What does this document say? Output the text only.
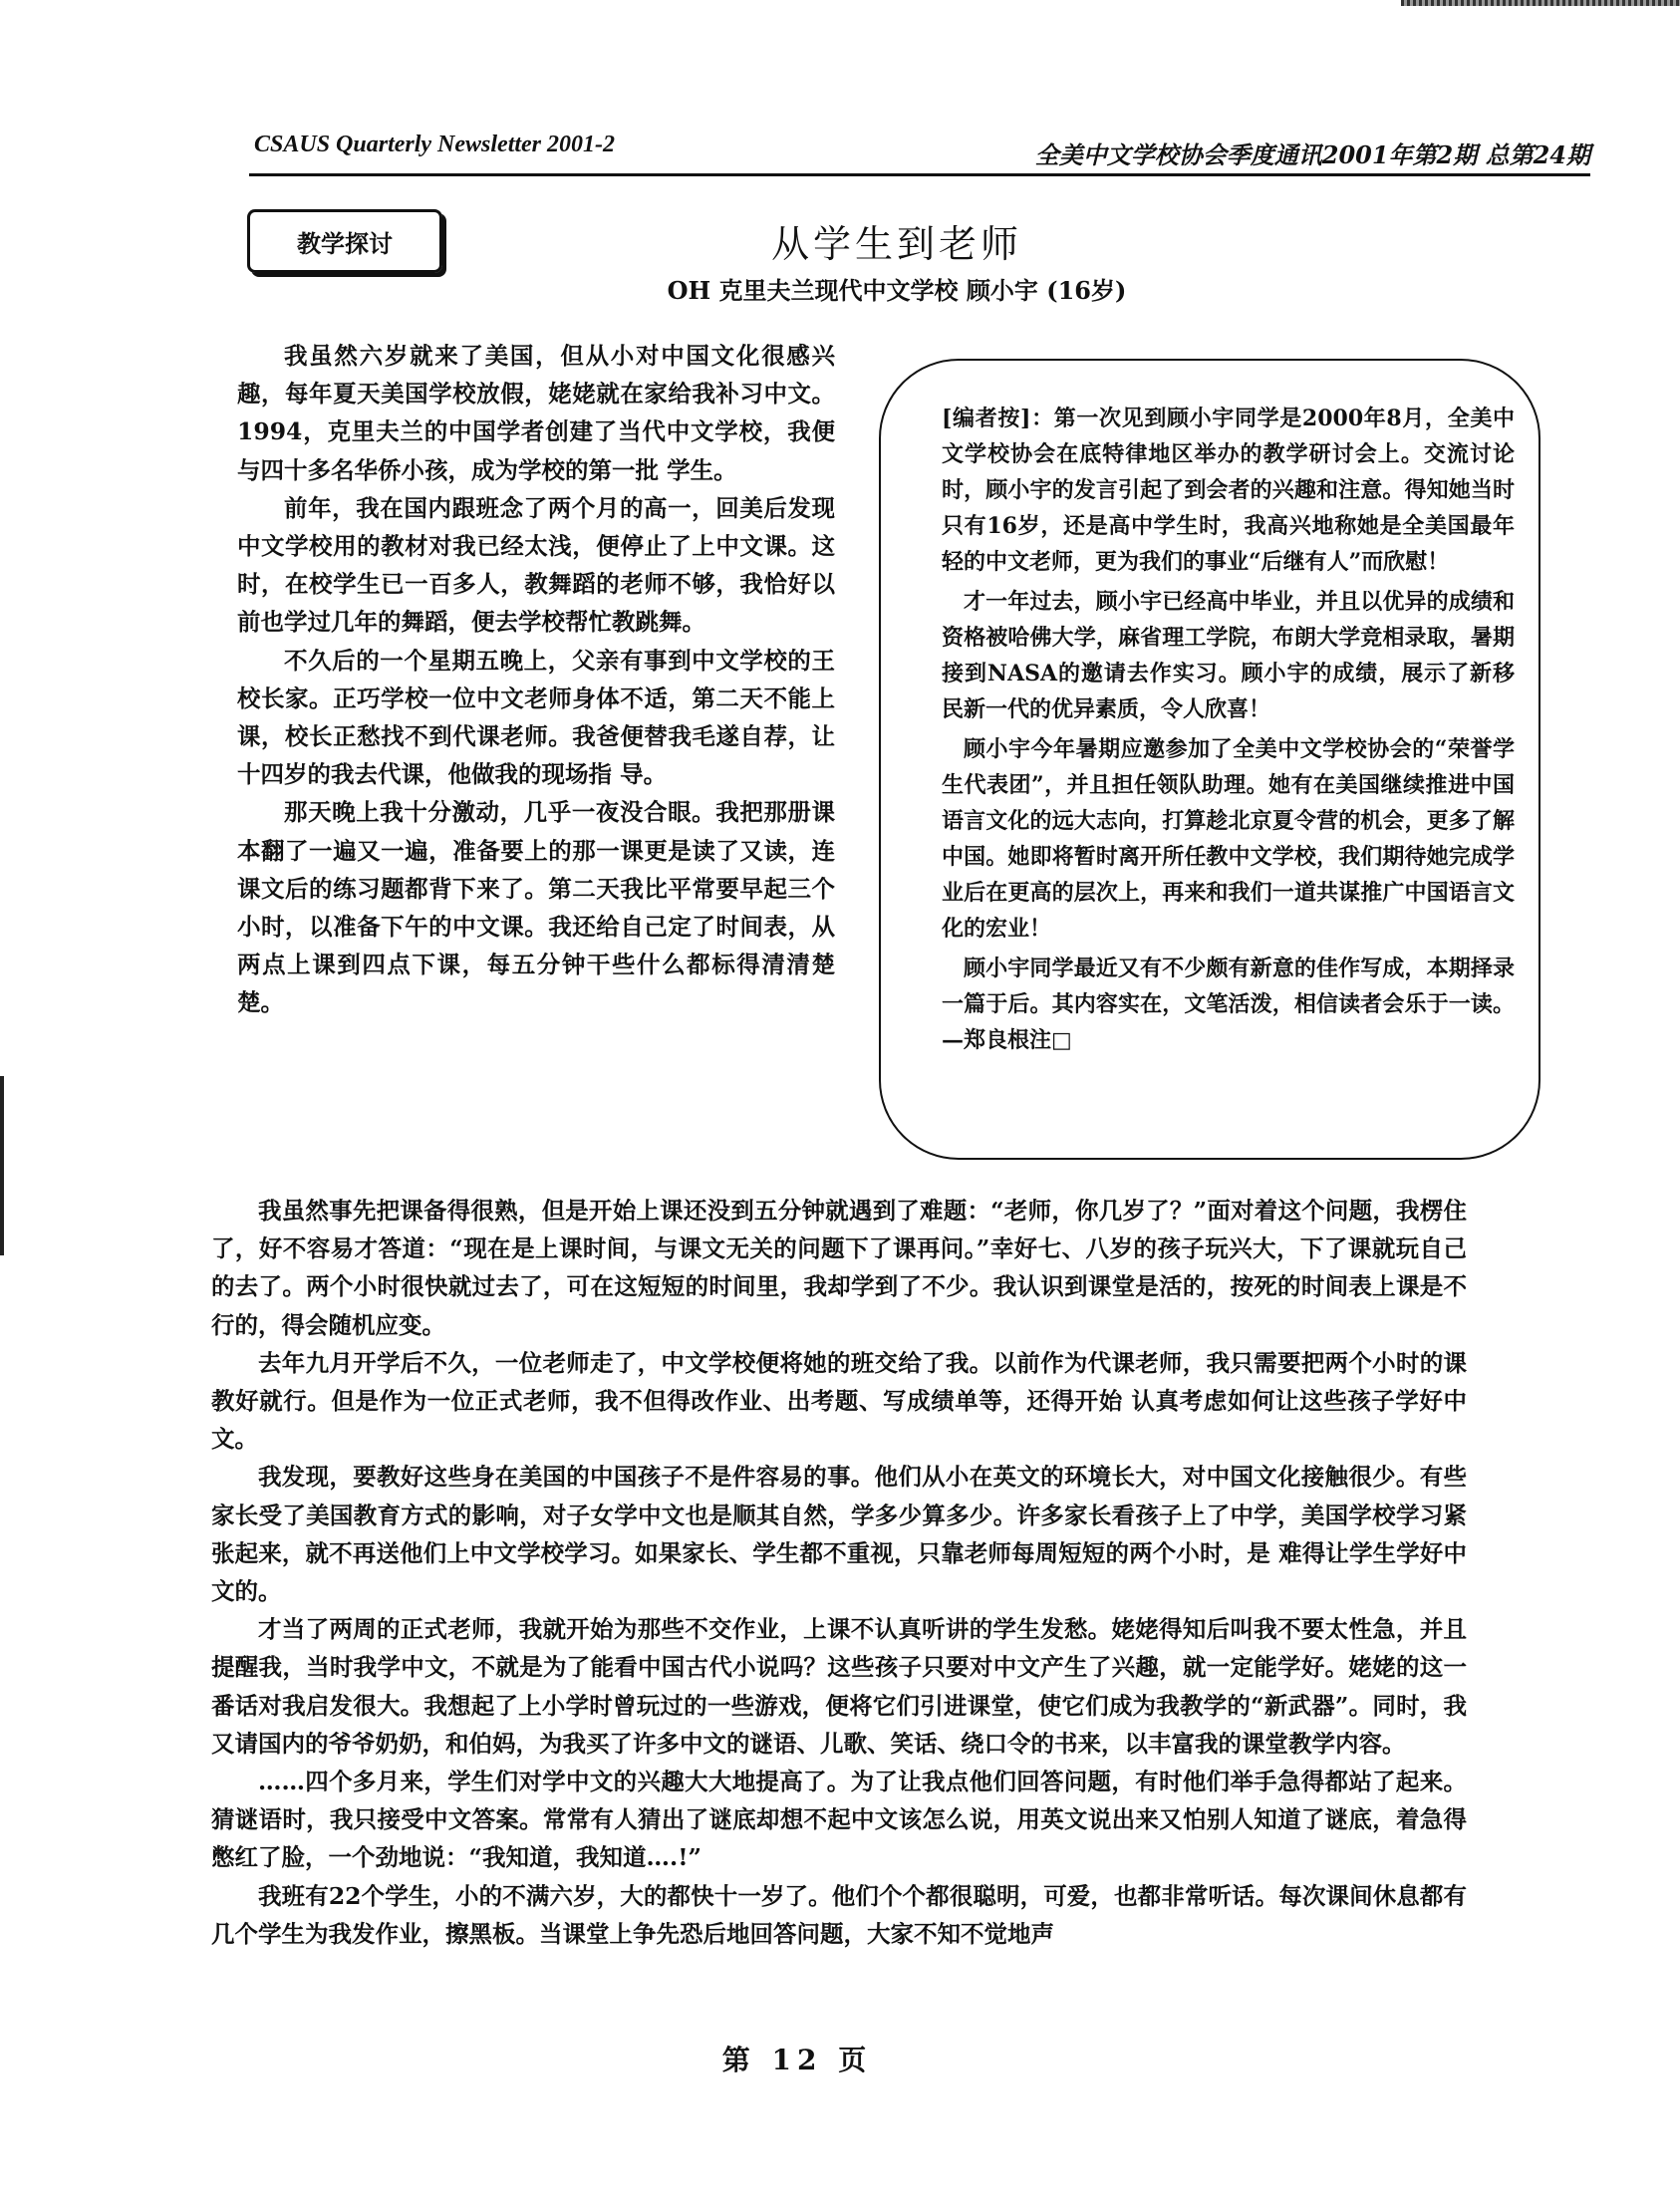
CSAUS Quarterly Newsletter 2001-2	全美中文学校协会季度通讯2001年第2期 总第24期
教学探讨	从学生到老师
OH 克里夫兰现代中文学校 顾小宇 (16岁)

我虽然六岁就来了美国，但从小对中国文化很感兴趣，每年夏天美国学校放假，姥姥就在家给我补习中文。1994，克里夫兰的中国学者创建了当代中文学校，我便与四十多名华侨小孩，成为学校的第一批 学生。

前年，我在国内跟班念了两个月的高一，回美后发现中文学校用的教材对我已经太浅，便停止了上中文课。这时，在校学生已一百多人，教舞蹈的老师不够，我恰好以前也学过几年的舞蹈，便去学校帮忙教跳舞。

不久后的一个星期五晚上，父亲有事到中文学校的王校长家。正巧学校一位中文老师身体不适，第二天不能上课，校长正愁找不到代课老师。我爸便替我毛遂自荐，让十四岁的我去代课，他做我的现场指 导。

那天晚上我十分激动，几乎一夜没合眼。我把那册课本翻了一遍又一遍，准备要上的那一课更是读了又读，连课文后的练习题都背下来了。第二天我比平常要早起三个小时，以准备下午的中文课。我还给自己定了时间表，从两点上课到四点下课，每五分钟干些什么都标得清清楚楚。

[编者按]：第一次见到顾小宇同学是2000年8月，全美中文学校协会在底特律地区举办的教学研讨会上。交流讨论时，顾小宇的发言引起了到会者的兴趣和注意。得知她当时只有16岁，还是高中学生时，我高兴地称她是全美国最年轻的中文老师，更为我们的事业“后继有人”而欣慰！

才一年过去，顾小宇已经高中毕业，并且以优异的成绩和资格被哈佛大学，麻省理工学院，布朗大学竞相录取，暑期接到NASA的邀请去作实习。顾小宇的成绩，展示了新移民新一代的优异素质，令人欣喜！

顾小宇今年暑期应邀参加了全美中文学校协会的“荣誉学生代表团”，并且担任领队助理。她有在美国继续推进中国语言文化的远大志向，打算趁北京夏令营的机会，更多了解中国。她即将暂时离开所任教中文学校，我们期待她完成学业后在更高的层次上，再来和我们一道共谋推广中国语言文化的宏业！

顾小宇同学最近又有不少颇有新意的佳作写成，本期择录一篇于后。其内容实在，文笔活泼，相信读者会乐于一读。 —郑良根注□

我虽然事先把课备得很熟，但是开始上课还没到五分钟就遇到了难题：“老师，你几岁了？”面对着这个问题，我楞住了，好不容易才答道：“现在是上课时间，与课文无关的问题下了课再问。”幸好七、八岁的孩子玩兴大，下了课就玩自己的去了。两个小时很快就过去了，可在这短短的时间里，我却学到了不少。我认识到课堂是活的，按死的时间表上课是不行的，得会随机应变。

去年九月开学后不久，一位老师走了，中文学校便将她的班交给了我。以前作为代课老师，我只需要把两个小时的课教好就行。但是作为一位正式老师，我不但得改作业、出考题、写成绩单等，还得开始 认真考虑如何让这些孩子学好中文。

我发现，要教好这些身在美国的中国孩子不是件容易的事。他们从小在英文的环境长大，对中国文化接触很少。有些家长受了美国教育方式的影响，对子女学中文也是顺其自然，学多少算多少。许多家长看孩子上了中学，美国学校学习紧张起来，就不再送他们上中文学校学习。如果家长、学生都不重视，只靠老师每周短短的两个小时，是 难得让学生学好中文的。

才当了两周的正式老师，我就开始为那些不交作业，上课不认真听讲的学生发愁。姥姥得知后叫我不要太性急，并且提醒我，当时我学中文，不就是为了能看中国古代小说吗？这些孩子只要对中文产生了兴趣，就一定能学好。姥姥的这一番话对我启发很大。我想起了上小学时曾玩过的一些游戏，便将它们引进课堂，使它们成为我教学的“新武器”。同时，我又请国内的爷爷奶奶，和伯妈，为我买了许多中文的谜语、儿歌、笑话、绕口令的书来，以丰富我的课堂教学内容。

……四个多月来，学生们对学中文的兴趣大大地提高了。为了让我点他们回答问题，有时他们举手急得都站了起来。猜谜语时，我只接受中文答案。常常有人猜出了谜底却想不起中文该怎么说，用英文说出来又怕别人知道了谜底，着急得憋红了脸，一个劲地说：“我知道，我知道….!”

我班有22个学生，小的不满六岁，大的都快十一岁了。他们个个都很聪明，可爱，也都非常听话。每次课间休息都有几个学生为我发作业，擦黑板。当课堂上争先恐后地回答问题，大家不知不觉地声

第 12 页
